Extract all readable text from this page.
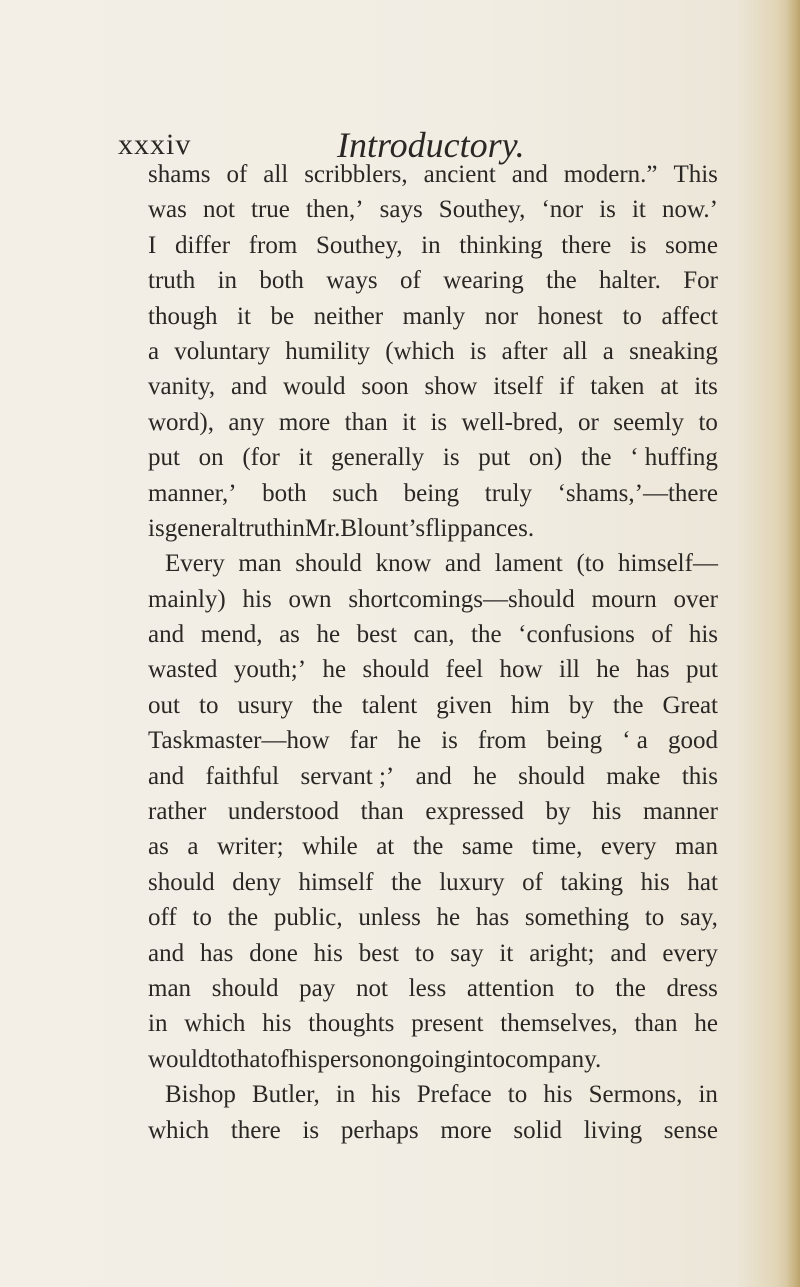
xxxiv	Introductory.
shams of all scribblers, ancient and modern.” This
was not true then,’ says Southey, ‘nor is it now.’
I differ from Southey, in thinking there is some
truth in both ways of wearing the halter. For
though it be neither manly nor honest to affect
a voluntary humility (which is after all a sneaking
vanity, and would soon show itself if taken at its
word), any more than it is well-bred, or seemly to
put on (for it generally is put on) the ‘ huffing
manner,’ both such being truly ‘shams,’—there
is general truth in Mr. Blount’s flippances.
Every man should know and lament (to himself—
mainly) his own shortcomings—should mourn over
and mend, as he best can, the ‘confusions of his
wasted youth;’ he should feel how ill he has put
out to usury the talent given him by the Great
Taskmaster—how far he is from being ‘ a good
and faithful servant ;’ and he should make this
rather understood than expressed by his manner
as a writer; while at the same time, every man
should deny himself the luxury of taking his hat
off to the public, unless he has something to say,
and has done his best to say it aright; and every
man should pay not less attention to the dress
in which his thoughts present themselves, than he
would to that of his person on going into company.
Bishop Butler, in his Preface to his Sermons, in
which there is perhaps more solid living sense
